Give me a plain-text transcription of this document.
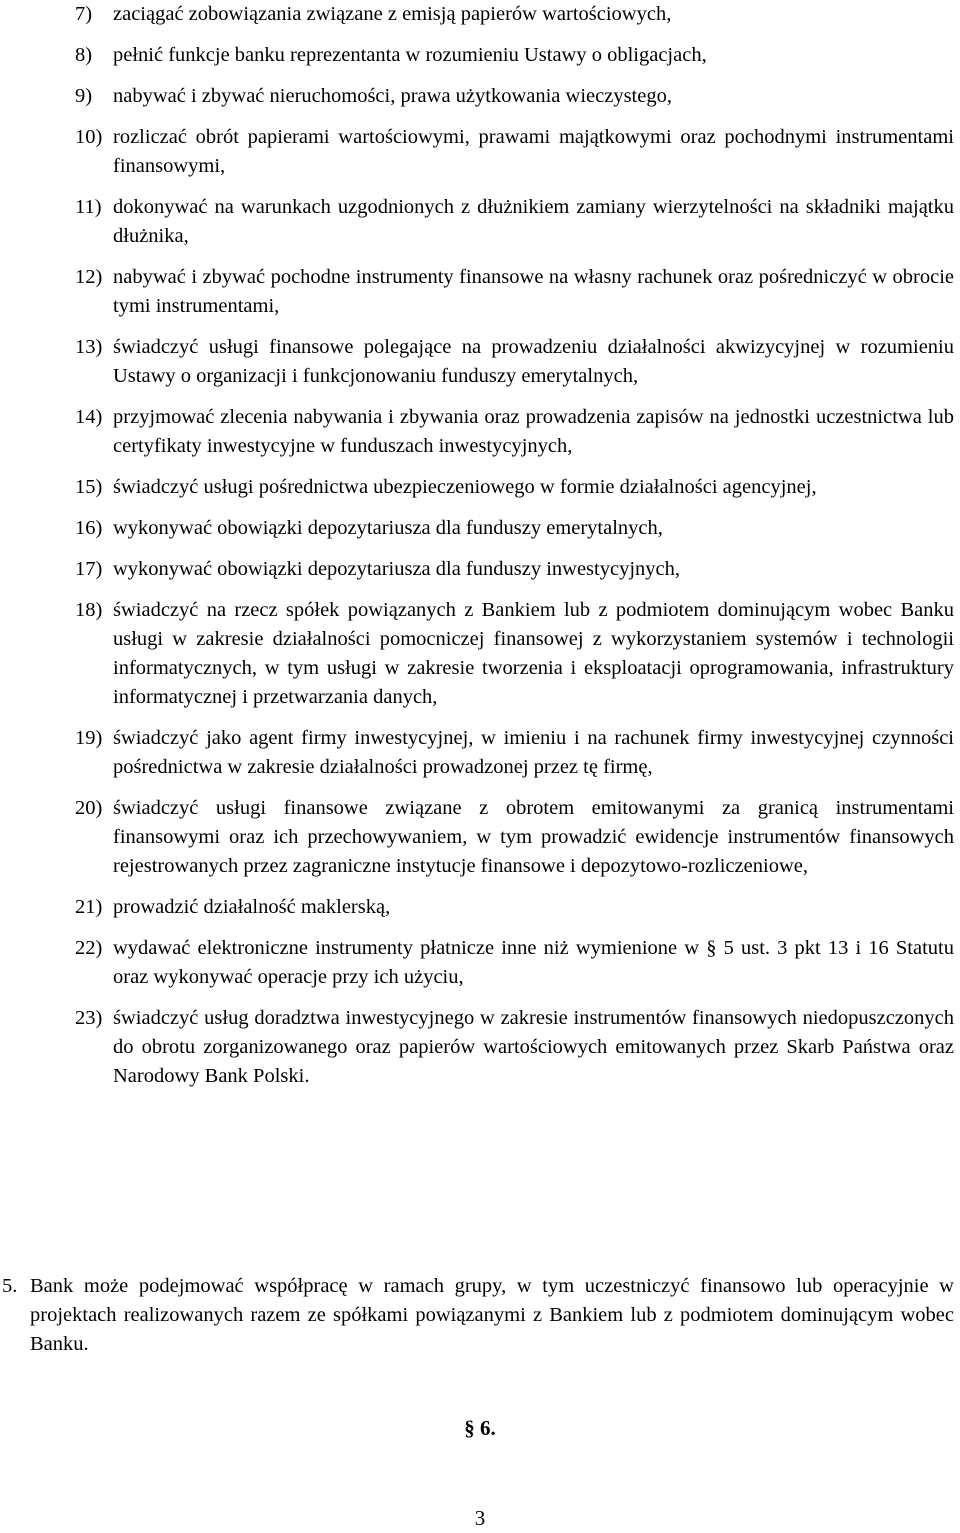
7) zaciągać zobowiązania związane z emisją papierów wartościowych,
8) pełnić funkcje banku reprezentanta w rozumieniu Ustawy o obligacjach,
9) nabywać i zbywać nieruchomości, prawa użytkowania wieczystego,
10) rozliczać obrót papierami wartościowymi, prawami majątkowymi oraz pochodnymi instrumentami finansowymi,
11) dokonywać na warunkach uzgodnionych z dłużnikiem zamiany wierzytelności na składniki majątku dłużnika,
12) nabywać i zbywać pochodne instrumenty finansowe na własny rachunek oraz pośredniczyć w obrocie tymi instrumentami,
13) świadczyć usługi finansowe polegające na prowadzeniu działalności akwizycyjnej w rozumieniu Ustawy o organizacji i funkcjonowaniu funduszy emerytalnych,
14) przyjmować zlecenia nabywania i zbywania oraz prowadzenia zapisów na jednostki uczestnictwa lub certyfikaty inwestycyjne w funduszach inwestycyjnych,
15) świadczyć usługi pośrednictwa ubezpieczeniowego w formie działalności agencyjnej,
16) wykonywać obowiązki depozytariusza dla funduszy emerytalnych,
17) wykonywać obowiązki depozytariusza dla funduszy inwestycyjnych,
18) świadczyć na rzecz spółek powiązanych z Bankiem lub z podmiotem dominującym wobec Banku usługi w zakresie działalności pomocniczej finansowej z wykorzystaniem systemów i technologii informatycznych, w tym usługi w zakresie tworzenia i eksploatacji oprogramowania, infrastruktury informatycznej i przetwarzania danych,
19) świadczyć jako agent firmy inwestycyjnej, w imieniu i na rachunek firmy inwestycyjnej czynności pośrednictwa w zakresie działalności prowadzonej przez tę firmę,
20) świadczyć usługi finansowe związane z obrotem emitowanymi za granicą instrumentami finansowymi oraz ich przechowywaniem, w tym prowadzić ewidencje instrumentów finansowych rejestrowanych przez zagraniczne instytucje finansowe i depozytowo-rozliczeniowe,
21) prowadzić działalność maklerską,
22) wydawać elektroniczne instrumenty płatnicze inne niż wymienione w § 5 ust. 3 pkt 13 i 16 Statutu oraz wykonywać operacje przy ich użyciu,
23) świadczyć usług doradztwa inwestycyjnego w zakresie instrumentów finansowych niedopuszczonych do obrotu zorganizowanego oraz papierów wartościowych emitowanych przez Skarb Państwa oraz Narodowy Bank Polski.
5. Bank może podejmować współpracę w ramach grupy, w tym uczestniczyć finansowo lub operacyjnie w projektach realizowanych razem ze spółkami powiązanymi z Bankiem lub z podmiotem dominującym wobec Banku.
§ 6.
3
